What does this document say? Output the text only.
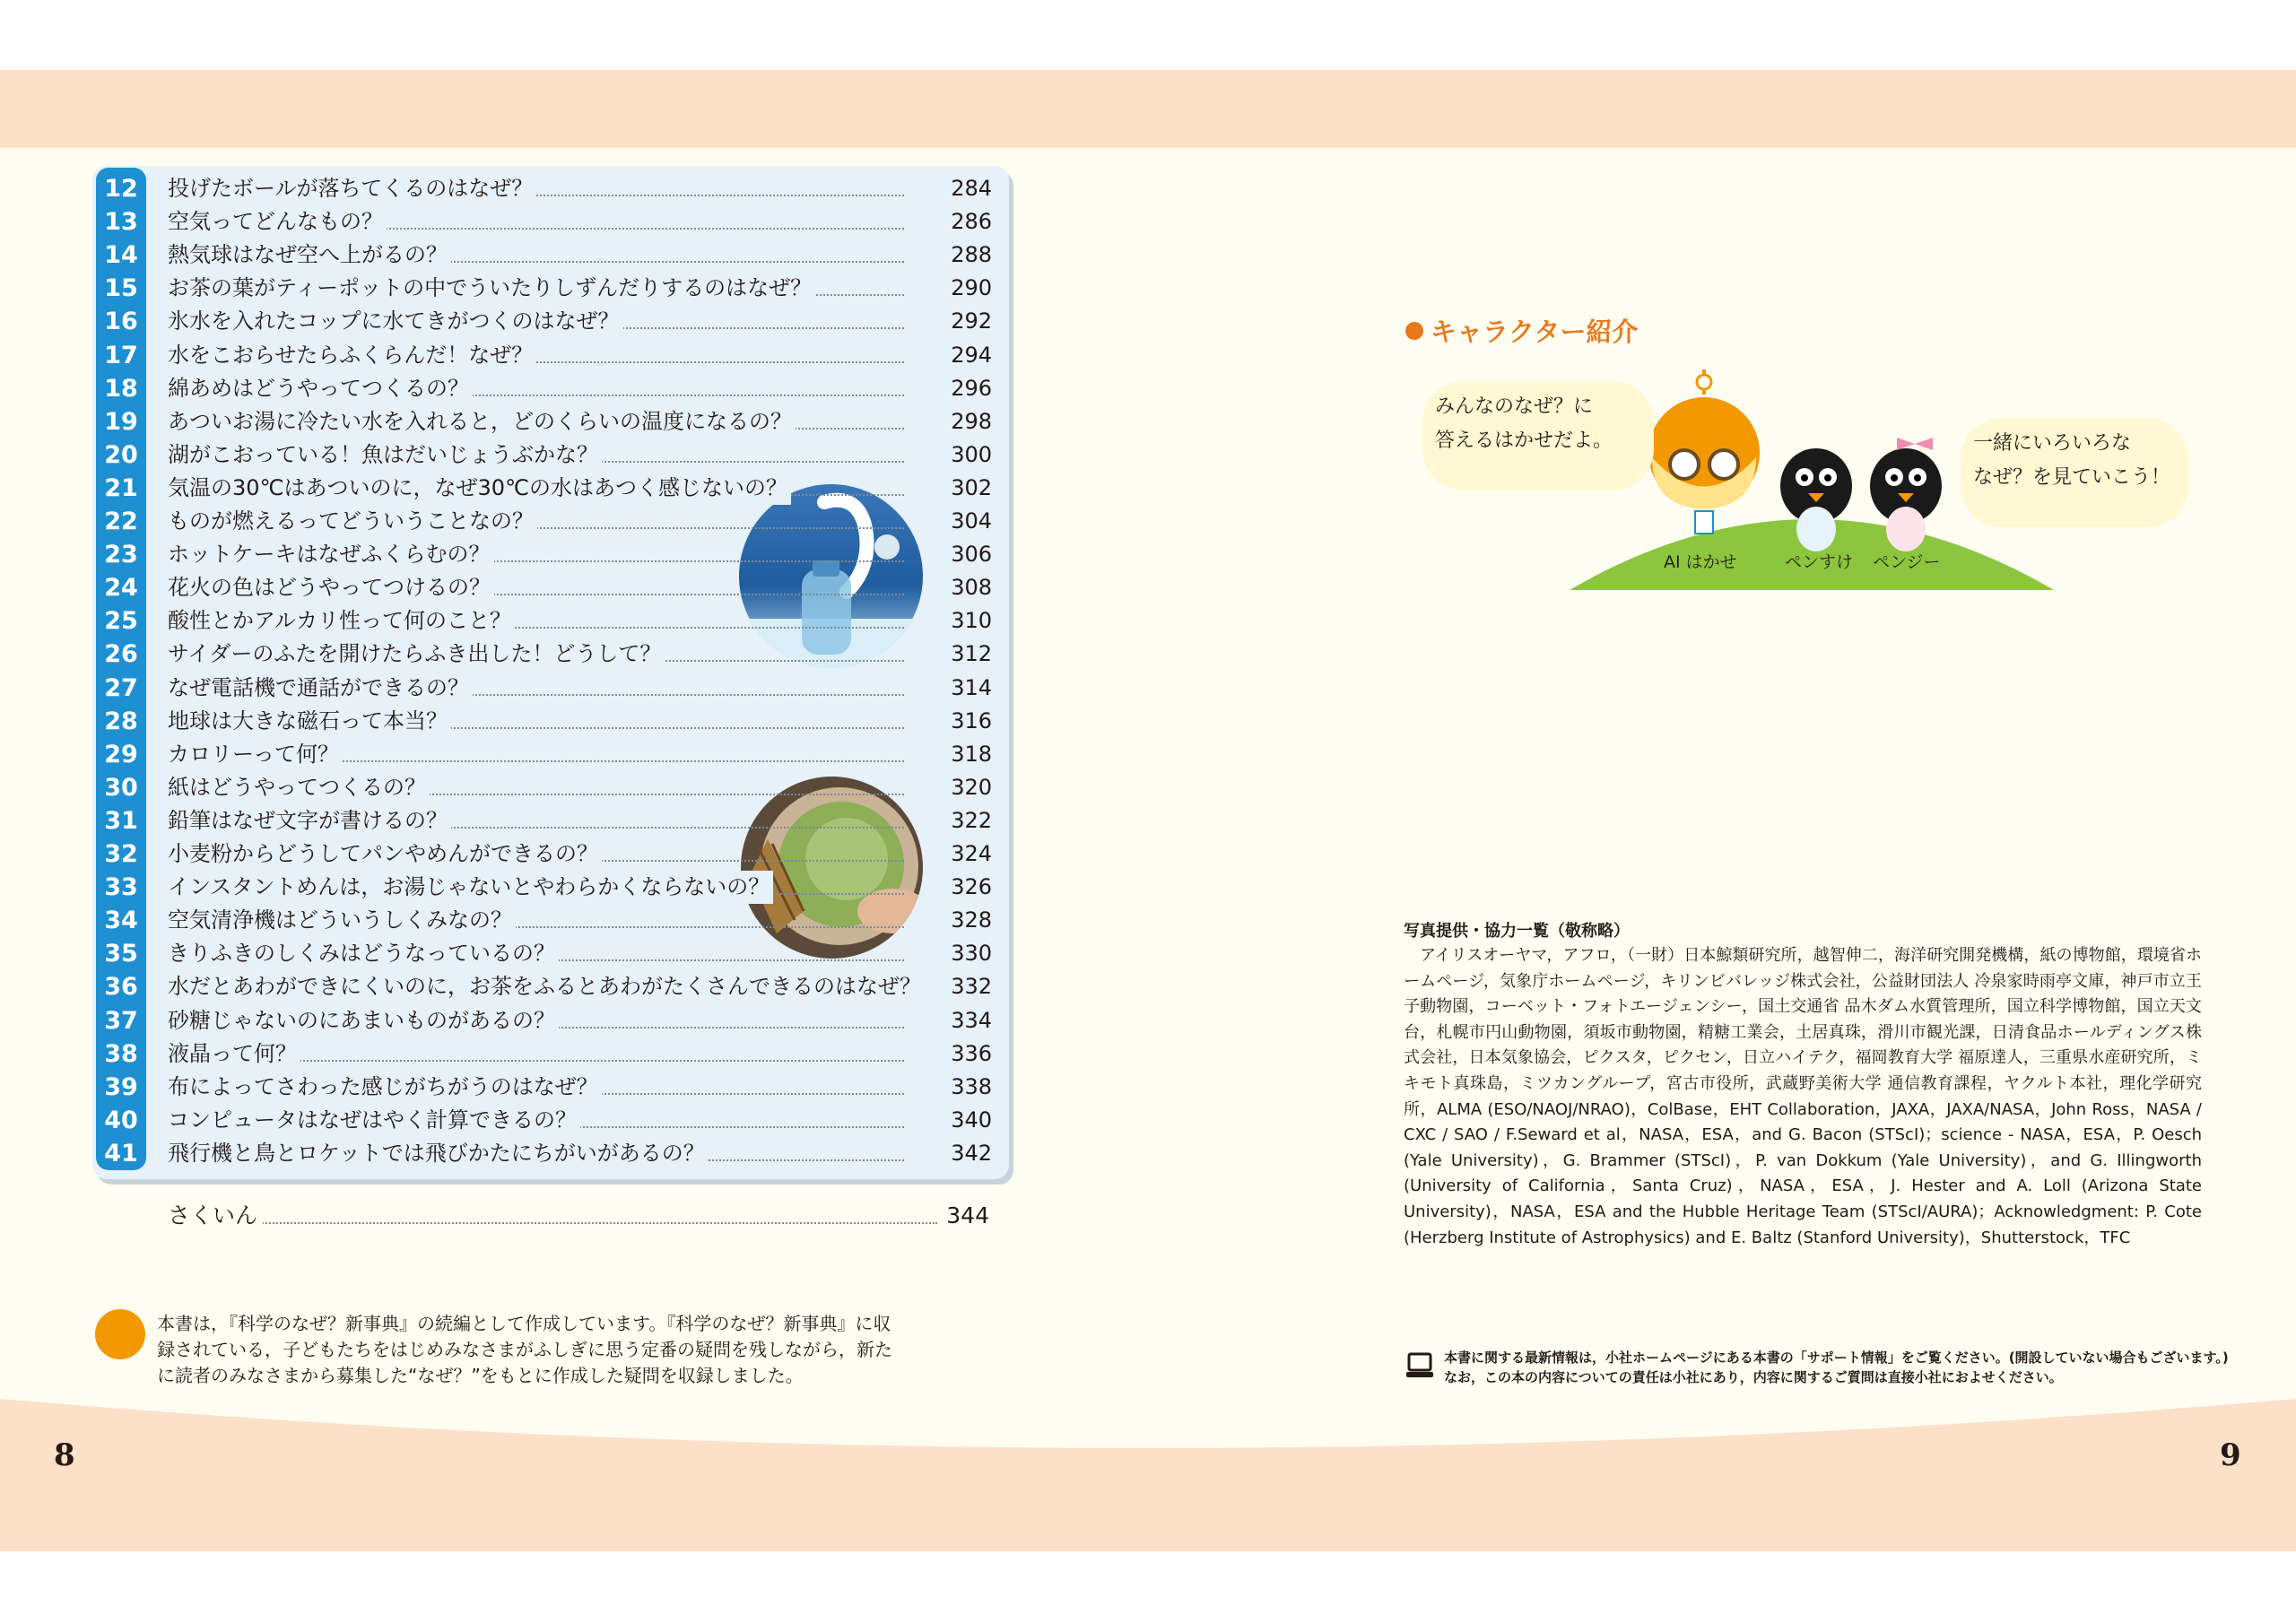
12 投げたボールが落ちてくるのはなぜ？	284
13 空気ってどんなもの？	286
14 熱気球はなぜ空へ上がるの？	288
15 お茶の葉がティーポットの中でういたりしずんだりするのはなぜ？	290
16 氷水を入れたコップに水てきがつくのはなぜ？	292
17 水をこおらせたらふくらんだ！なぜ？	294
18 綿あめはどうやってつくるの？	296
19 あついお湯に冷たい水を入れると，どのくらいの温度になるの？	298
20 湖がこおっている！魚はだいじょうぶかな？	300
21 気温の30℃はあついのに，なぜ30℃の水はあつく感じないの？	302
22 ものが燃えるってどういうことなの？	304
23 ホットケーキはなぜふくらむの？	306
24 花火の色はどうやってつけるの？	308
25 酸性とかアルカリ性って何のこと？	310
26 サイダーのふたを開けたらふき出した！どうして？	312
27 なぜ電話機で通話ができるの？	314
28 地球は大きな磁石って本当？	316
29 カロリーって何？	318
30 紙はどうやってつくるの？	320
31 鉛筆はなぜ文字が書けるの？	322
32 小麦粉からどうしてパンやめんができるの？	324
33 インスタントめんは，お湯じゃないとやわらかくならないの？	326
34 空気清浄機はどういうしくみなの？	328
35 きりふきのしくみはどうなっているの？	330
36 水だとあわができにくいのに，お茶をふるとあわがたくさんできるのはなぜ？	332
37 砂糖じゃないのにあまいものがあるの？	334
38 液晶って何？	336
39 布によってさわった感じがちがうのはなぜ？	338
40 コンピュータはなぜはやく計算できるの？	340
41 飛行機と鳥とロケットでは飛びかたにちがいがあるの？	342
さくいん	344
本書は，『科学のなぜ？新事典』の続編として作成しています。『科学のなぜ？新事典』に収録されている，子どもたちをはじめみなさまがふしぎに思う定番の疑問を残しながら，新たに読者のみなさまから募集した“なぜ？”をもとに作成した疑問を収録しました。
8	9
キャラクター紹介
みんなのなぜ？に
答えるはかせだよ。	一緒にいろいろな
なぜ？を見ていこう！
AI はかせ	ペンすけ ペンジー
写真提供・協力一覧（敬称略）
アイリスオーヤマ，アフロ，（一財）日本鯨類研究所，越智伸二，海洋研究開発機構，紙の博物館，環境省ホームページ，気象庁ホームページ，キリンビバレッジ株式会社，公益財団法人 冷泉家時雨亭文庫，神戸市立王子動物園，コーベット・フォトエージェンシー，国土交通省 品木ダム水質管理所，国立科学博物館，国立天文台，札幌市円山動物園，須坂市動物園，精糖工業会，土居真珠，滑川市観光課，日清食品ホールディングス株式会社，日本気象協会，ピクスタ，ピクセン，日立ハイテク，福岡教育大学 福原達人，三重県水産研究所，ミキモト真珠島，ミツカングループ，宮古市役所，武蔵野美術大学 通信教育課程，ヤクルト本社，理化学研究所，ALMA (ESO/NAOJ/NRAO)，ColBase，EHT Collaboration，JAXA，JAXA/NASA，John Ross，NASA / CXC / SAO / F.Seward et al，NASA，ESA，and G. Bacon (STScI)；science - NASA，ESA，P. Oesch (Yale University)，G. Brammer (STScI)，P. van Dokkum (Yale University)，and G. Illingworth (University of California，Santa Cruz)，NASA，ESA，J. Hester and A. Loll (Arizona State University)，NASA，ESA and the Hubble Heritage Team (STScI/AURA)；Acknowledgment: P. Cote (Herzberg Institute of Astrophysics) and E. Baltz (Stanford University)，Shutterstock，TFC
本書に関する最新情報は，小社ホームページにある本書の「サポート情報」をご覧ください。(開設していない場合もございます。)
なお，この本の内容についての責任は小社にあり，内容に関するご質問は直接小社におよせください。
